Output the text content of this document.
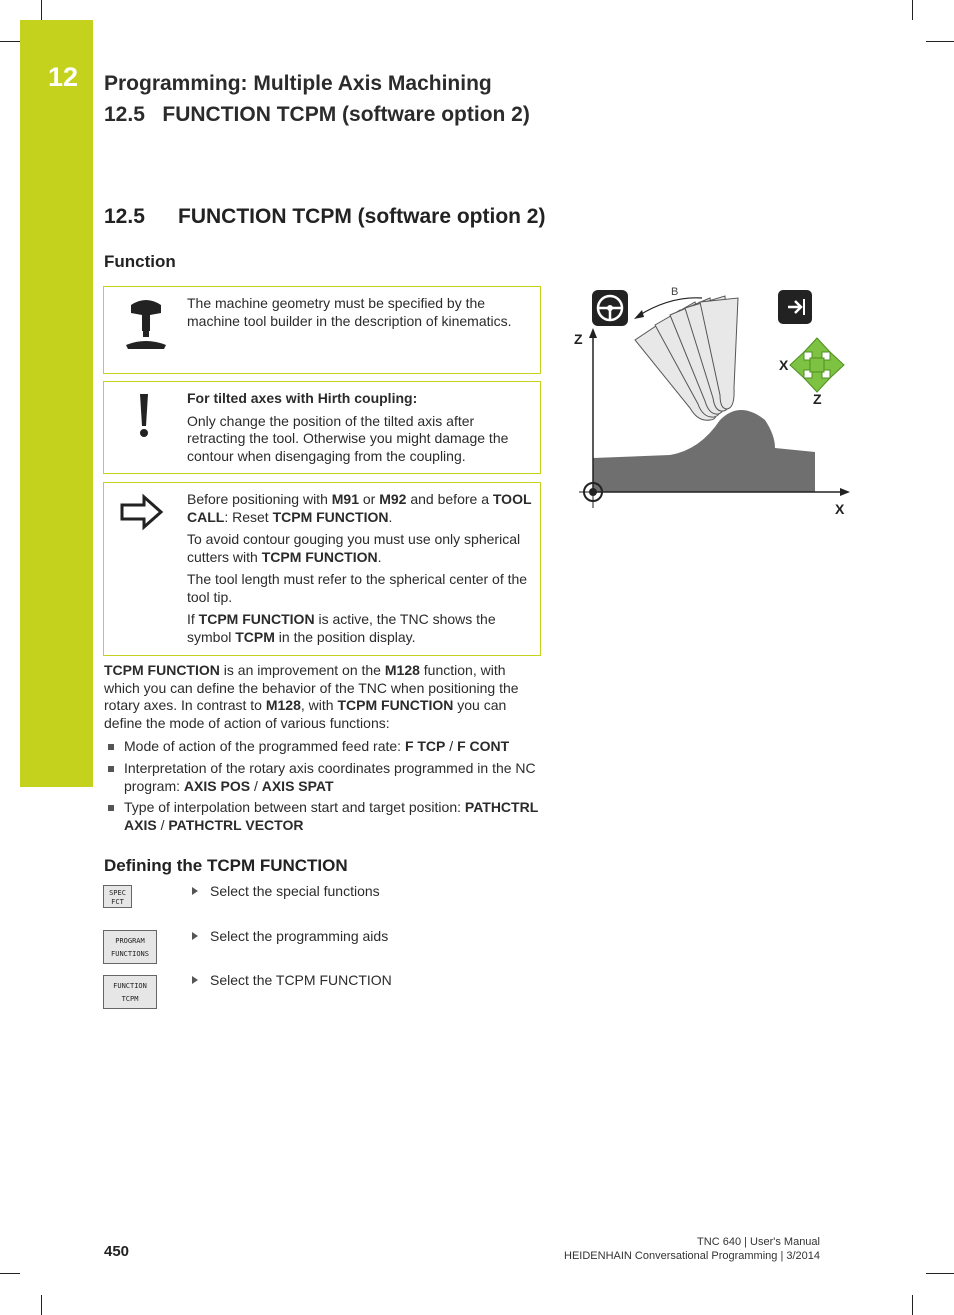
12 Programming: Multiple Axis Machining
12.5   FUNCTION TCPM (software option 2)
12.5 FUNCTION TCPM (software option 2)
Function
The machine geometry must be specified by the machine tool builder in the description of kinematics.

For tilted axes with Hirth coupling:

Only change the position of the tilted axis after retracting the tool. Otherwise you might damage the contour when disengaging from the coupling.

Before positioning with M91 or M92 and before a TOOL CALL: Reset TCPM FUNCTION.

To avoid contour gouging you must use only spherical cutters with TCPM FUNCTION.

The tool length must refer to the spherical center of the tool tip.

If TCPM FUNCTION is active, the TNC shows the symbol TCPM in the position display.

Z
X
B
X
Z
TCPM FUNCTION is an improvement on the M128 function, with which you can define the behavior of the TNC when positioning the rotary axes. In contrast to M128, with TCPM FUNCTION you can define the mode of action of various functions:
Mode of action of the programmed feed rate: F TCP / F CONT
Interpretation of the rotary axis coordinates programmed in the NC program: AXIS POS / AXIS SPAT
Type of interpolation between start and target position: PATHCTRL AXIS / PATHCTRL VECTOR
Defining the TCPM FUNCTION
SPEC
FCT
Select the special functions
PROGRAM
FUNCTIONS
Select the programming aids
FUNCTION
TCPM
Select the TCPM FUNCTION
450
TNC 640 | User's Manual
HEIDENHAIN Conversational Programming | 3/2014
